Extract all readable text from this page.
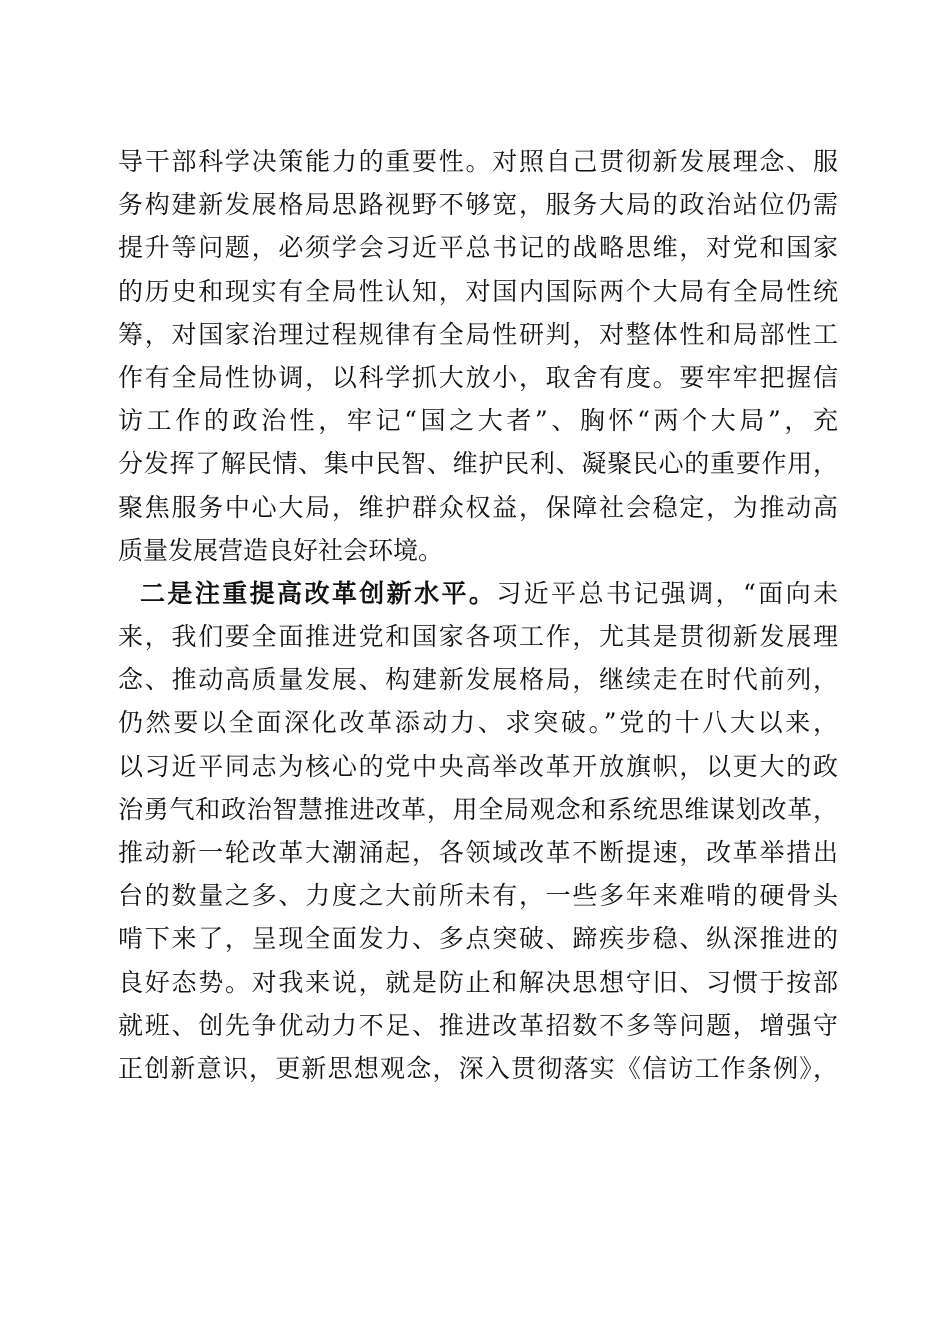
导干部科学决策能力的重要性。对照自己贯彻新发展理念、服
务构建新发展格局思路视野不够宽，服务大局的政治站位仍需
提升等问题，必须学会习近平总书记的战略思维，对党和国家
的历史和现实有全局性认知，对国内国际两个大局有全局性统
筹，对国家治理过程规律有全局性研判，对整体性和局部性工
作有全局性协调，以科学抓大放小，取舍有度。要牢牢把握信
访工作的政治性，牢记“国之大者”、胸怀“两个大局”，充
分发挥了解民情、集中民智、维护民利、凝聚民心的重要作用，
聚焦服务中心大局，维护群众权益，保障社会稳定，为推动高
质量发展营造良好社会环境。
二是注重提高改革创新水平。习近平总书记强调，“面向未
来，我们要全面推进党和国家各项工作，尤其是贯彻新发展理
念、推动高质量发展、构建新发展格局，继续走在时代前列，
仍然要以全面深化改革添动力、求突破。”党的十八大以来，
以习近平同志为核心的党中央高举改革开放旗帜，以更大的政
治勇气和政治智慧推进改革，用全局观念和系统思维谋划改革，
推动新一轮改革大潮涌起，各领域改革不断提速，改革举措出
台的数量之多、力度之大前所未有，一些多年来难啃的硬骨头
啃下来了，呈现全面发力、多点突破、蹄疾步稳、纵深推进的
良好态势。对我来说，就是防止和解决思想守旧、习惯于按部
就班、创先争优动力不足、推进改革招数不多等问题，增强守
正创新意识，更新思想观念，深入贯彻落实《信访工作条例》，
